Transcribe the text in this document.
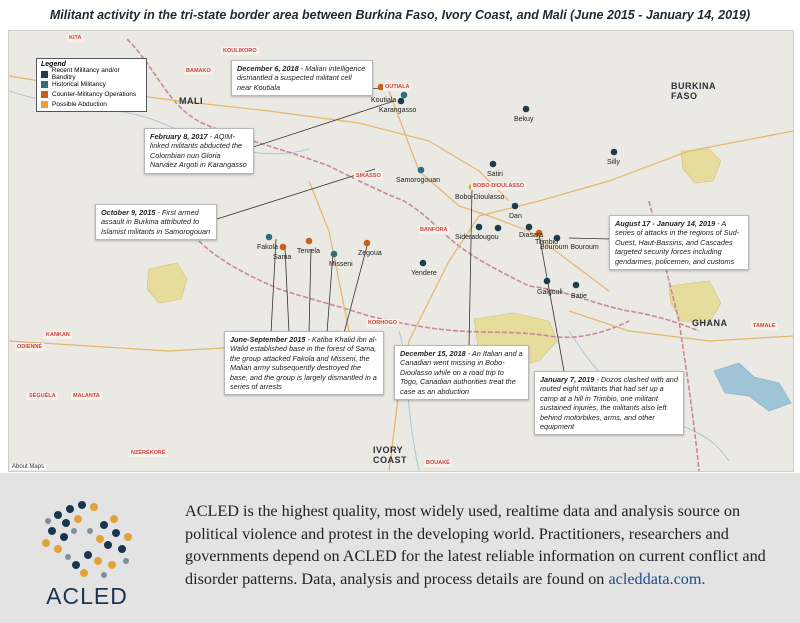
Militant activity in the tri-state border area between Burkina Faso, Ivory Coast, and Mali (June 2015 - January 14, 2019)
MALI
BURKINA
FASO
GHANA
IVORY
COAST
KITA
BAMAKO
KOULIKORO
OUTIALA
SIKASSO
BOBO-DIOULASSO
BANFORA
KORHOGO
BOUAKÉ
TAMALE
KANKAN
SÉGUÉLA	MALANTA
NZÉRÉKORÉ
ODIENNÉ
Koutiala
Karangasso
Bekuy
Silly
Samorogouan
Satiri
Bobo-Dioulasso
Dan
Sideradougou	Diasara
Trimbio
Bouroum Bouroum
Fakola
Sama
Tenrela
Misseni
Zegoua
Yendere
Galgouli
Batie
Legend
Recent Militancy and/or Banditry
Historical Militancy
Counter-Militancy Operations
Possible Abduction
December 6, 2018 - Malian intelligence dismantled a suspected militant cell near Koutiala
February 8, 2017 - AQIM-linked militants abducted the Colombian nun Gloria Narváez Argoti in Karangasso
October 9, 2015 - First armed assault in Burkina attributed to Islamist militants in Samorogouan
August 17 - January 14, 2019 - A series of attacks in the regions of Sud-Ouest, Haut-Bassins, and Cascades targeted security forces including gendarmes, policemen, and customs
June-September 2015 - Katiba Khalid ibn al-Walid established base in the forest of Sama, the group attacked Fakola and Misseni, the Malian army subsequently destroyed the base, and the group is largely dismantled in a series of arrests
December 15, 2018 - An Italian and a Canadian went missing in Bobo-Dioulasso while on a road trip to Togo, Canadian authorities treat the case as an abduction
January 7, 2019 - Dozos clashed with and routed eight militants that had set up a camp at a hill in Trimbio, one militant sustained injuries, the militants also left behind motorbikes, arms, and other equipment
About Maps
ACLED
ACLED is the highest quality, most widely used, realtime data and analysis source on political violence and protest in the developing world. Practitioners, researchers and governments depend on ACLED for the latest reliable information on current conflict and disorder patterns. Data, analysis and process details are found on acleddata.com.
